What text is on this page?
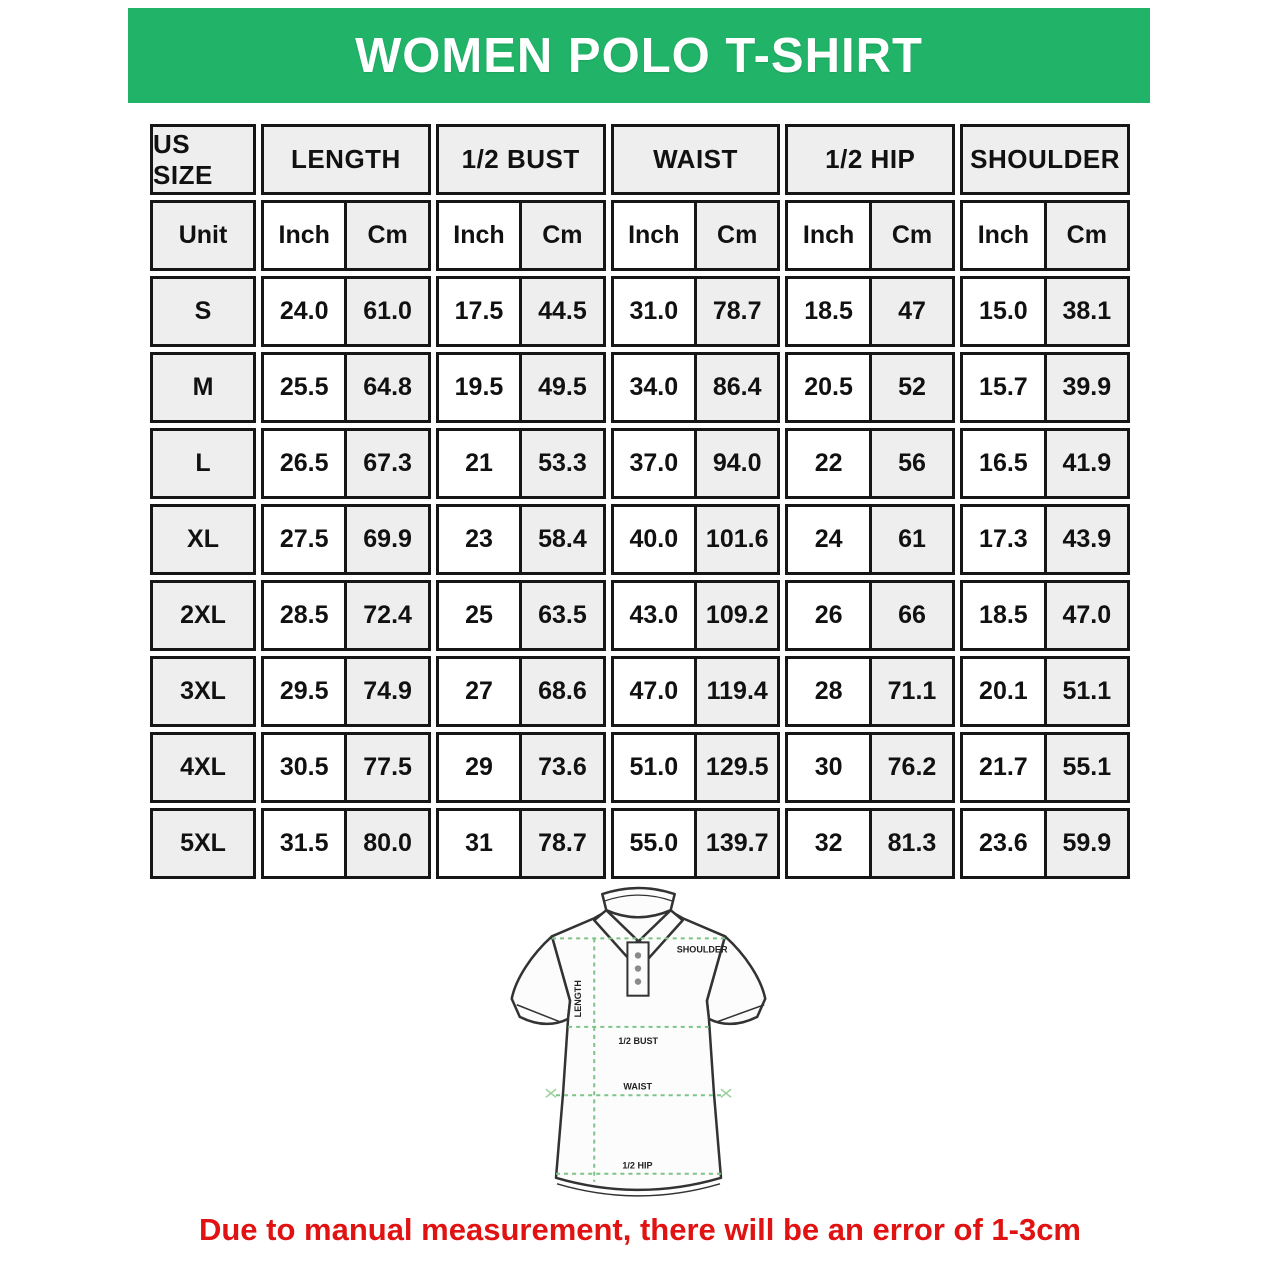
WOMEN POLO T-SHIRT
US SIZE
LENGTH	1/2 BUST	WAIST	1/2 HIP	SHOULDER
Unit	Inch	Cm	Inch	Cm	Inch	Cm	Inch	Cm	Inch	Cm
S	24.0	61.0	17.5	44.5	31.0	78.7	18.5	47	15.0	38.1
M	25.5	64.8	19.5	49.5	34.0	86.4	20.5	52	15.7	39.9
L	26.5	67.3	21	53.3	37.0	94.0	22	56	16.5	41.9
XL	27.5	69.9	23	58.4	40.0	101.6	24	61	17.3	43.9
2XL	28.5	72.4	25	63.5	43.0	109.2	26	66	18.5	47.0
3XL	29.5	74.9	27	68.6	47.0	119.4	28	71.1	20.1	51.1
4XL	30.5	77.5	29	73.6	51.0	129.5	30	76.2	21.7	55.1
5XL	31.5	80.0	31	78.7	55.0	139.7	32	81.3	23.6	59.9
SHOULDER
LENGTH
1/2 BUST
WAIST
1/2 HIP
Due to manual measurement, there will be an error of 1-3cm
